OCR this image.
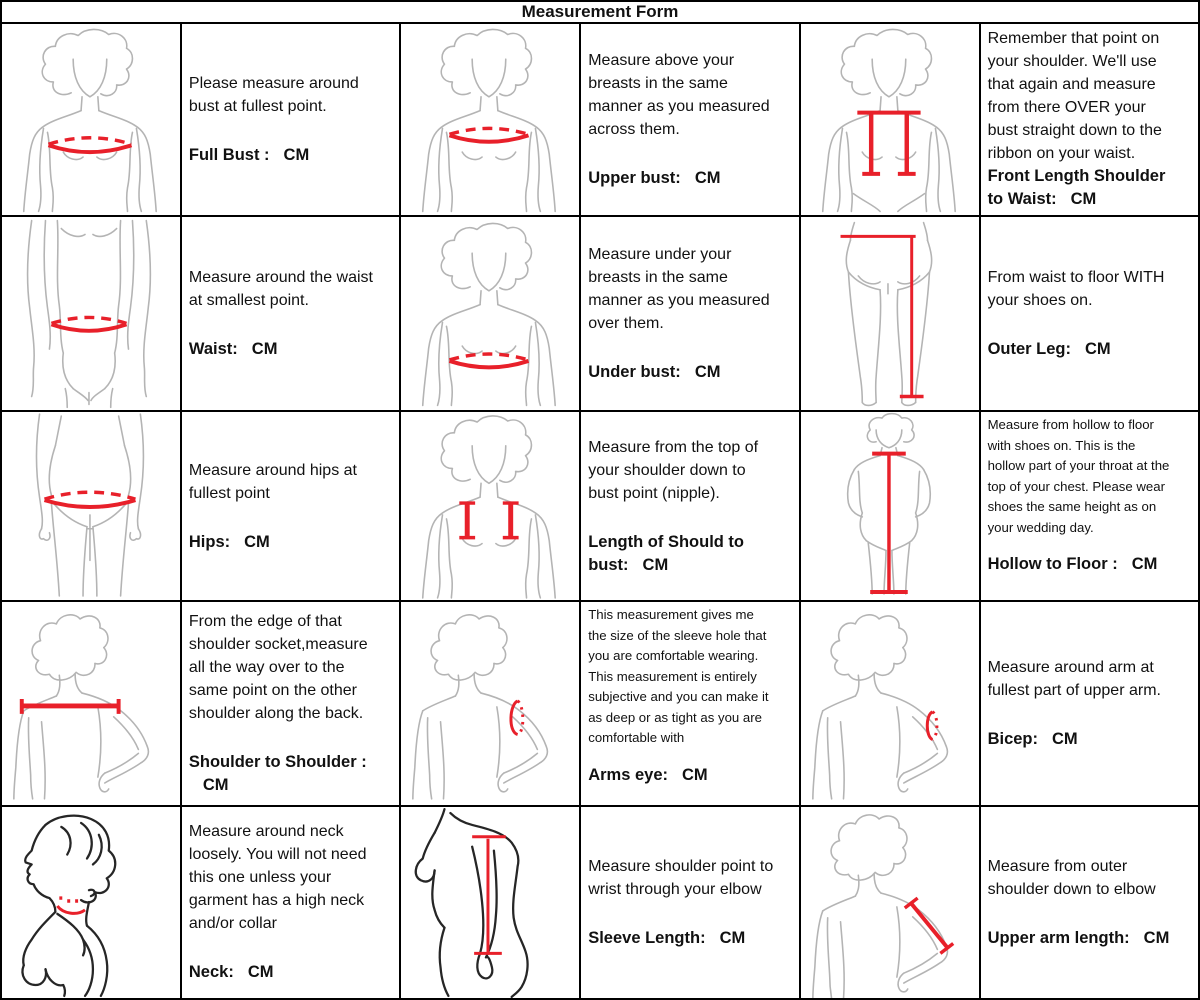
Measurement Form
Please measure around bust at fullest point.
Full Bust : CM
Measure above your breasts in the same manner as you measured across them.
Upper bust: CM
Remember that point on your shoulder. We'll use that again and measure from there OVER your bust straight down to the ribbon on your waist.
Front Length Shoulder to Waist: CM
Measure around the waist at smallest point.
Waist: CM
Measure under your breasts in the same manner as you measured over them.
Under bust: CM
From waist to floor WITH your shoes on.
Outer Leg: CM
Measure around hips at fullest point
Hips: CM
Measure from the top of your shoulder down to bust point (nipple).
Length of Should to bust: CM
Measure from hollow to floor with shoes on. This is the hollow part of your throat at the top of your chest. Please wear shoes the same height as on your wedding day.
Hollow to Floor : CM
From the edge of that shoulder socket,measure all the way over to the same point on the other shoulder along the back.
Shoulder to Shoulder :CM
This measurement gives me the size of the sleeve hole that you are comfortable wearing. This measurement is entirely subjective and you can make it as deep or as tight as you are comfortable with
Arms eye: CM
Measure around arm at fullest part of upper arm.
Bicep: CM
Measure around neck loosely. You will not need this one unless your garment has a high neck and/or collar
Neck: CM
Measure shoulder point to wrist through your elbow
Sleeve Length: CM
Measure from outer shoulder down to elbow
Upper arm length: CM
